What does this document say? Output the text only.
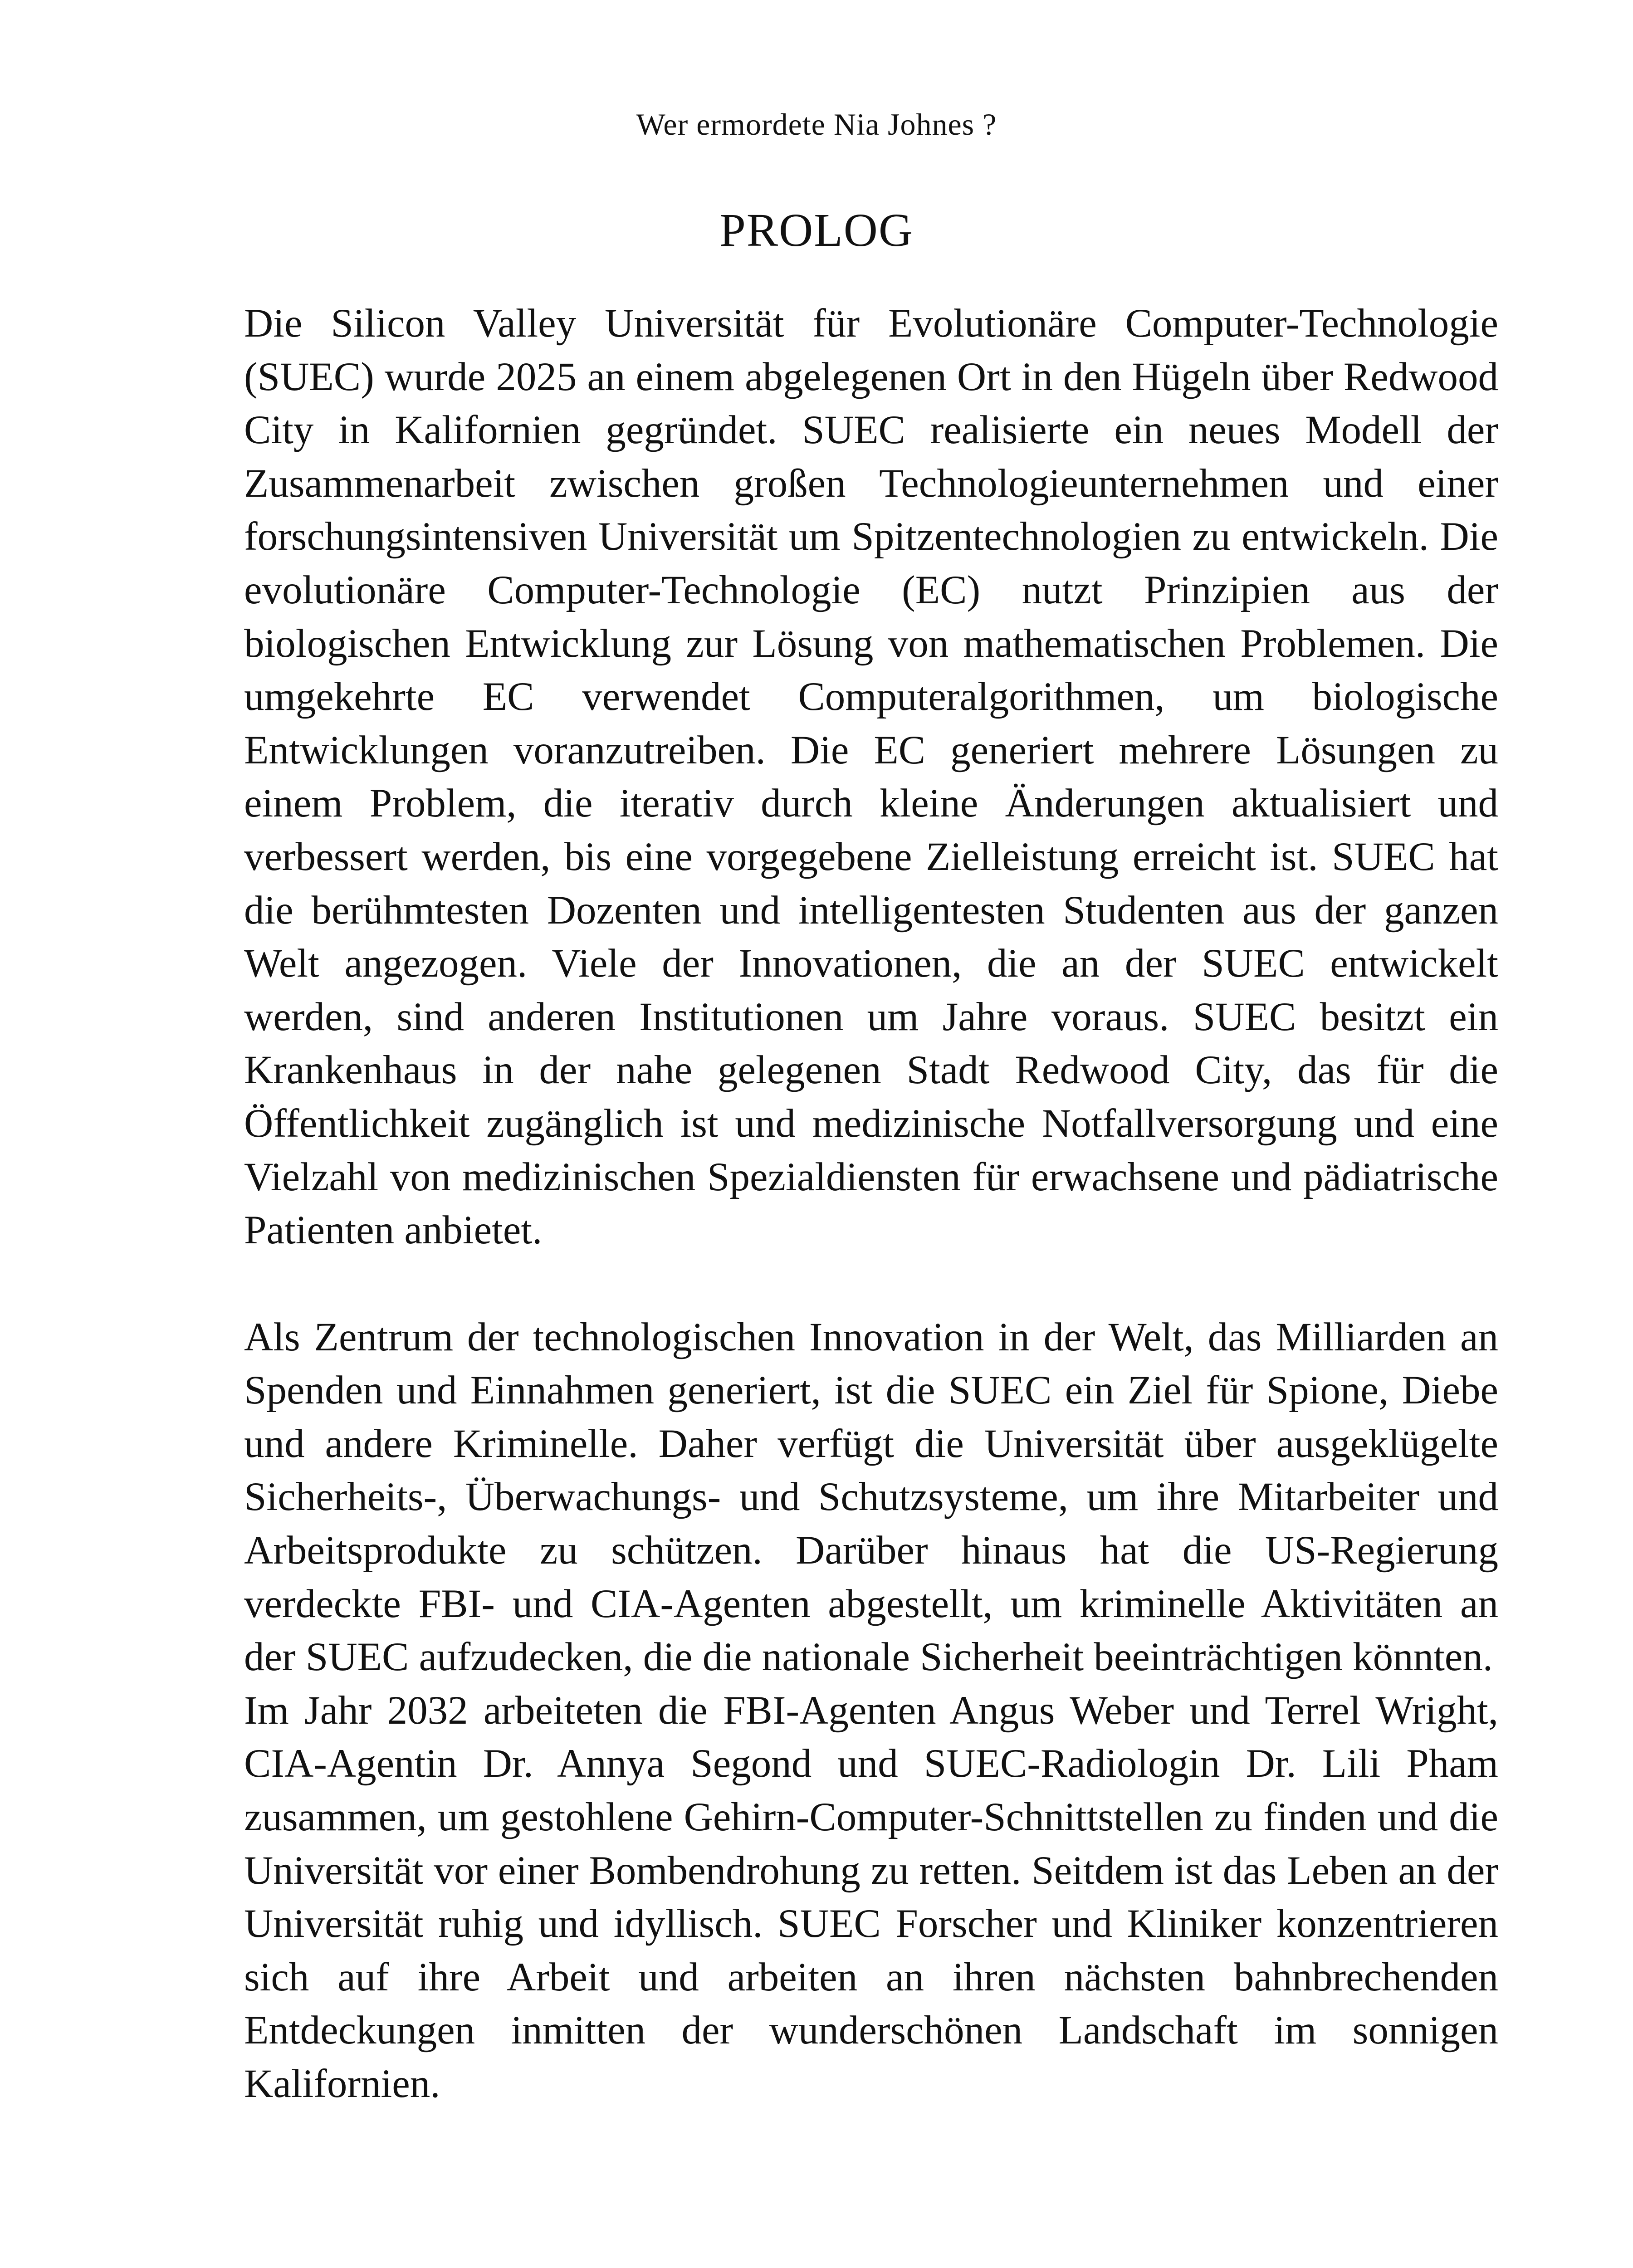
Wer ermordete Nia Johnes ?
PROLOG

Die Silicon Valley Universität für Evolutionäre Computer-Technologie (SUEC) wurde 2025 an einem abgelegenen Ort in den Hügeln über Redwood City in Kalifornien gegründet. SUEC realisierte ein neues Modell der Zusammenarbeit zwischen großen Technologieunternehmen und einer forschungsintensiven Universität um Spitzentechnologien zu entwickeln. Die evolutionäre Computer-Technologie (EC) nutzt Prinzipien aus der biologischen Entwicklung zur Lösung von mathematischen Problemen. Die umgekehrte EC verwendet Computeralgorithmen, um biologische Entwicklungen voranzutreiben. Die EC generiert mehrere Lösungen zu einem Problem, die iterativ durch kleine Änderungen aktualisiert und verbessert werden, bis eine vorgegebene Zielleistung erreicht ist. SUEC hat die berühmtesten Dozenten und intelligentesten Studenten aus der ganzen Welt angezogen. Viele der Innovationen, die an der SUEC entwickelt werden, sind anderen Institutionen um Jahre voraus. SUEC besitzt ein Krankenhaus in der nahe gelegenen Stadt Redwood City, das für die Öffentlichkeit zugänglich ist und medizinische Notfallversorgung und eine Vielzahl von medizinischen Spezialdiensten für erwachsene und pädiatrische Patienten anbietet.

Als Zentrum der technologischen Innovation in der Welt, das Milliarden an Spenden und Einnahmen generiert, ist die SUEC ein Ziel für Spione, Diebe und andere Kriminelle. Daher verfügt die Universität über ausgeklügelte Sicherheits-, Überwachungs- und Schutzsysteme, um ihre Mitarbeiter und Arbeitsprodukte zu schützen. Darüber hinaus hat die US-Regierung verdeckte FBI- und CIA-Agenten abgestellt, um kriminelle Aktivitäten an der SUEC aufzudecken, die die nationale Sicherheit beeinträchtigen könnten.

Im Jahr 2032 arbeiteten die FBI-Agenten Angus Weber und Terrel Wright, CIA-Agentin Dr. Annya Segond und SUEC-Radiologin Dr. Lili Pham zusammen, um gestohlene Gehirn-Computer-Schnittstellen zu finden und die Universität vor einer Bombendrohung zu retten. Seitdem ist das Leben an der Universität ruhig und idyllisch. SUEC Forscher und Kliniker konzentrieren sich auf ihre Arbeit und arbeiten an ihren nächsten bahnbrechenden Entdeckungen inmitten der wunderschönen Landschaft im sonnigen Kalifornien.
